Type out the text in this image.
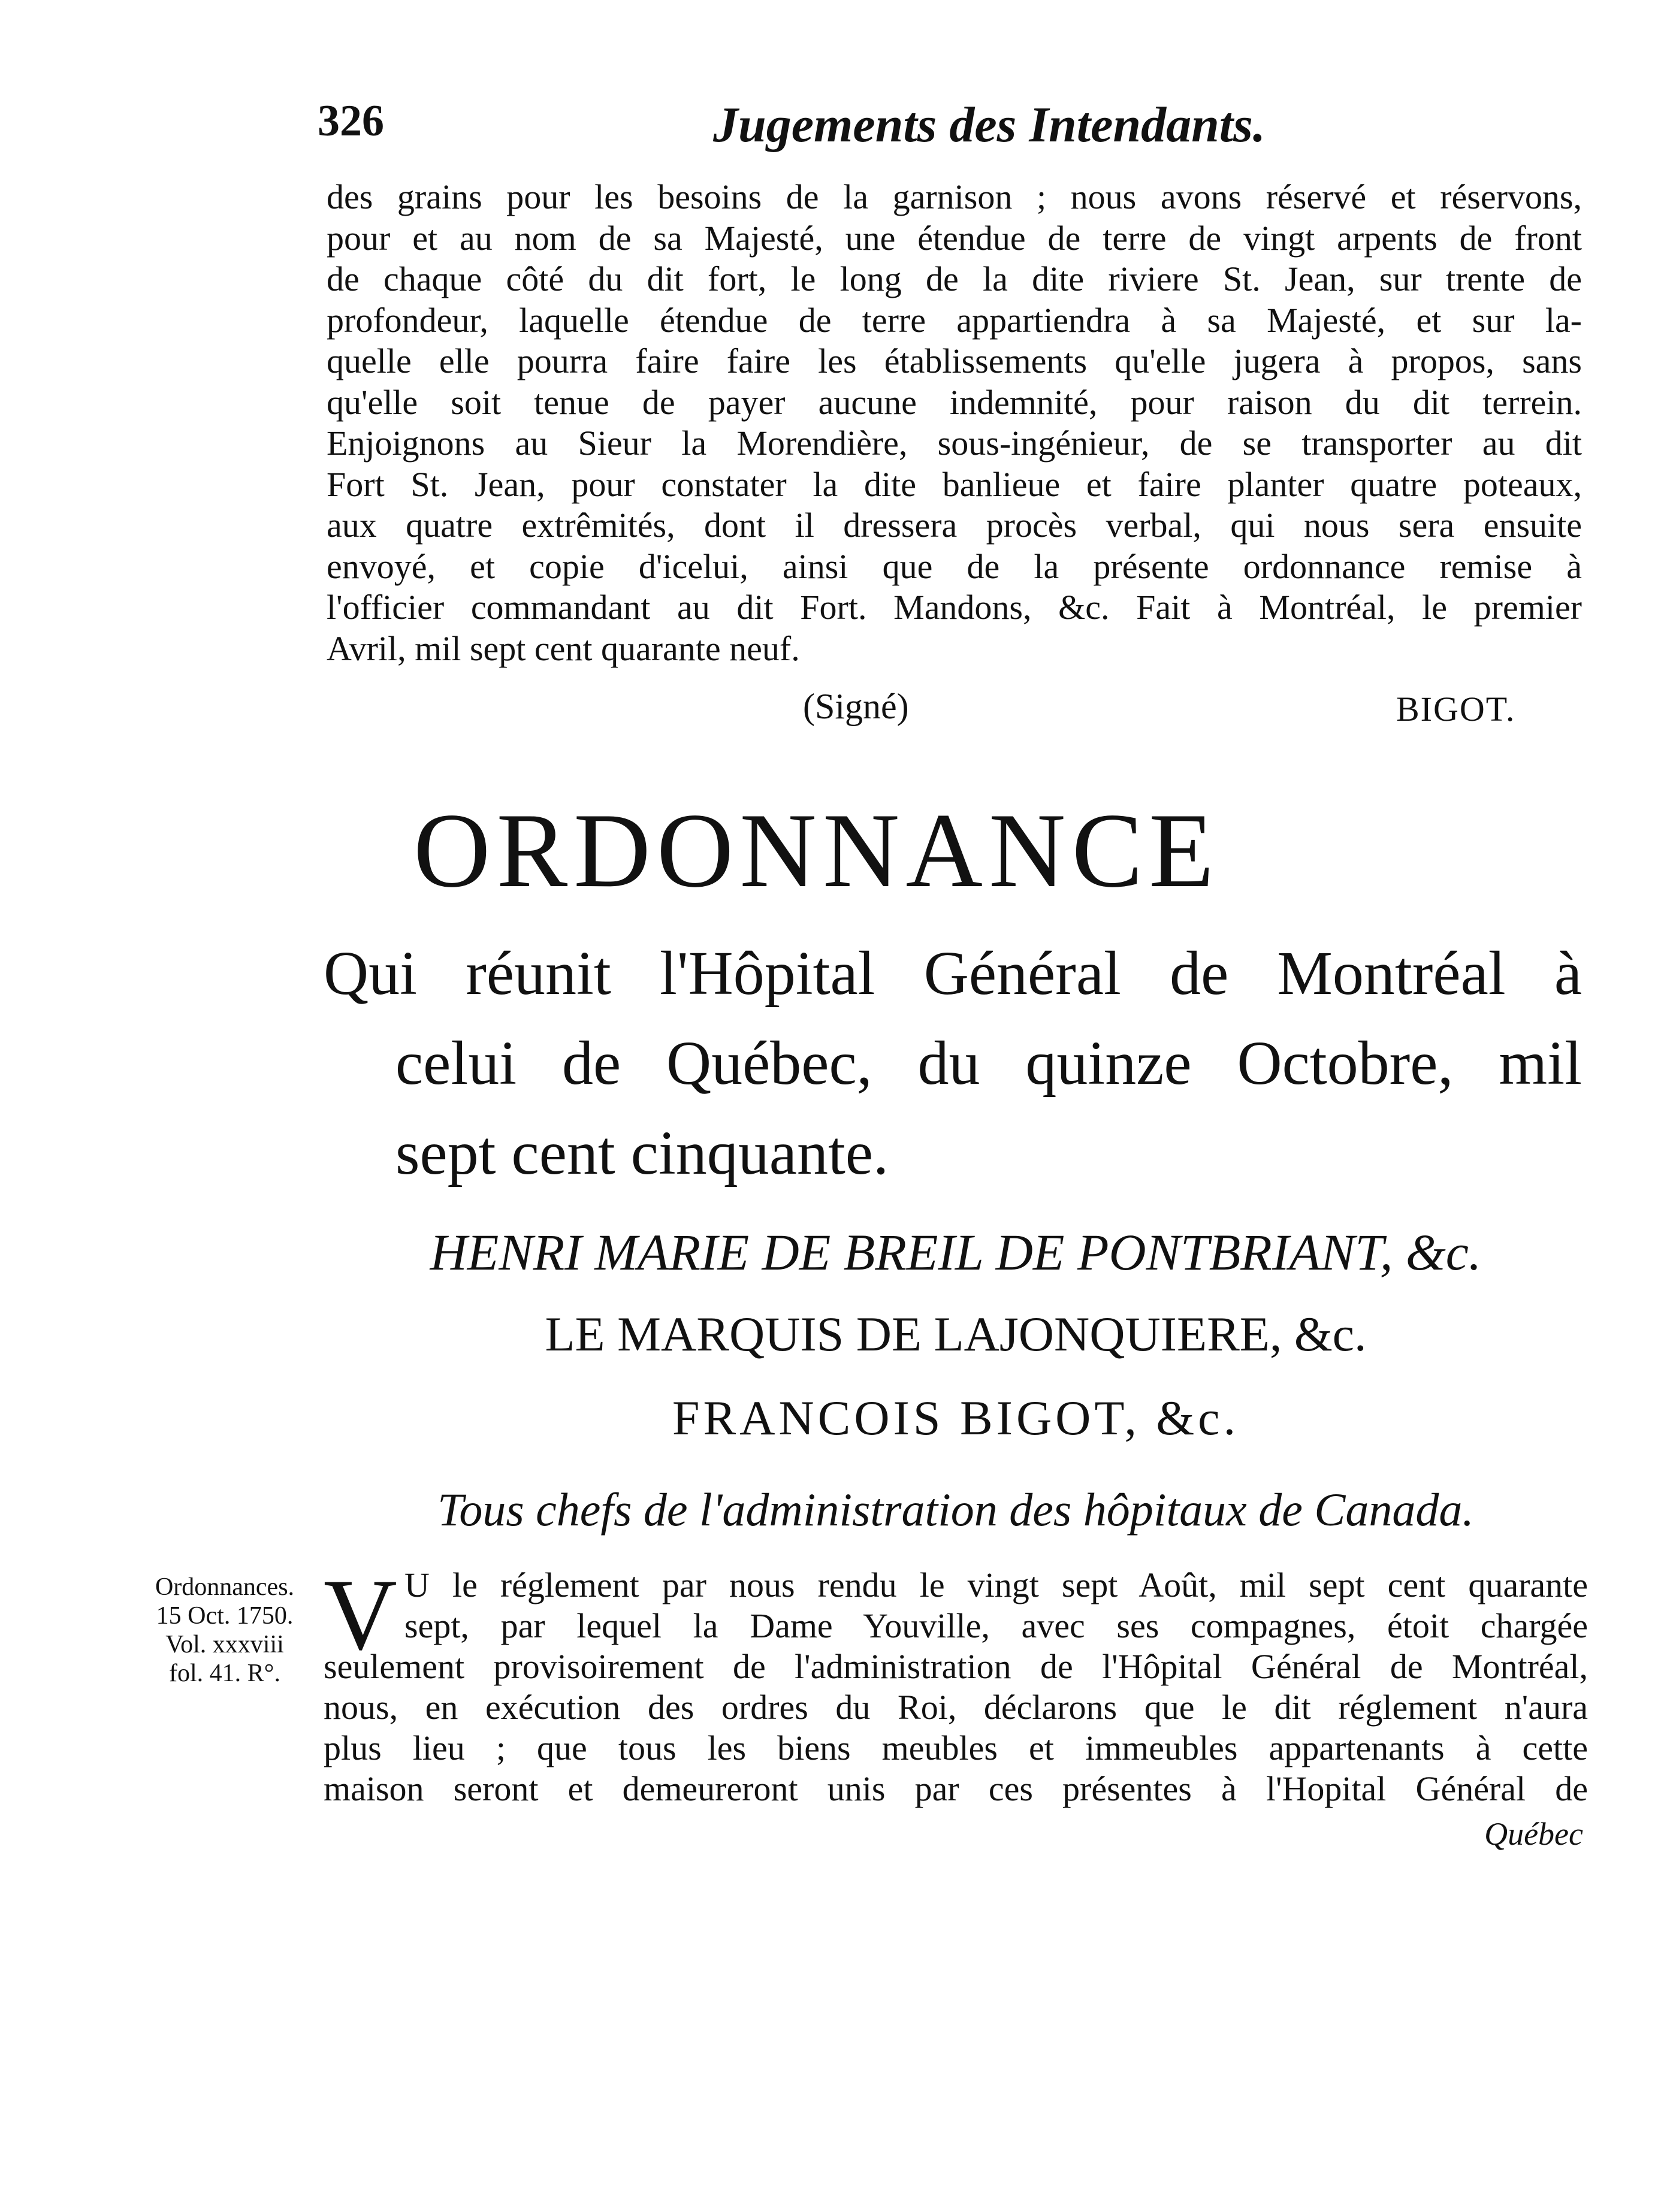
326	Jugements des Intendants.
des grains pour les besoins de la garnison ; nous avons réservé et réservons,
pour et au nom de sa Majesté, une étendue de terre de vingt arpents de front
de chaque côté du dit fort, le long de la dite riviere St. Jean, sur trente de
profondeur, laquelle étendue de terre appartiendra à sa Majesté, et sur la-
quelle elle pourra faire faire les établissements qu'elle jugera à propos, sans
qu'elle soit tenue de payer aucune indemnité, pour raison du dit terrein.
Enjoignons au Sieur la Morendière, sous-ingénieur, de se transporter au dit
Fort St. Jean, pour constater la dite banlieue et faire planter quatre poteaux,
aux quatre extrêmités, dont il dressera procès verbal, qui nous sera ensuite
envoyé, et copie d'icelui, ainsi que de la présente ordonnance remise à
l'officier commandant au dit Fort. Mandons, &c. Fait à Montréal, le premier
Avril, mil sept cent quarante neuf.
(Signé)	BIGOT.
ORDONNANCE
Qui réunit l'Hôpital Général de Montréal à
celui de Québec, du quinze Octobre, mil
sept cent cinquante.
HENRI MARIE DE BREIL DE PONTBRIANT, &c.
LE MARQUIS DE LAJONQUIERE, &c.
FRANCOIS BIGOT, &c.
Tous chefs de l'administration des hôpitaux de Canada.
Ordonnances.
15 Oct. 1750.
Vol. xxxviii
fol. 41. R°.
V U le réglement par nous rendu le vingt sept Août, mil sept cent quarante
sept, par lequel la Dame Youville, avec ses compagnes, étoit chargée
seulement provisoirement de l'administration de l'Hôpital Général de Montréal,
nous, en exécution des ordres du Roi, déclarons que le dit réglement n'aura
plus lieu ; que tous les biens meubles et immeubles appartenants à cette
maison seront et demeureront unis par ces présentes à l'Hopital Général de
Québec
